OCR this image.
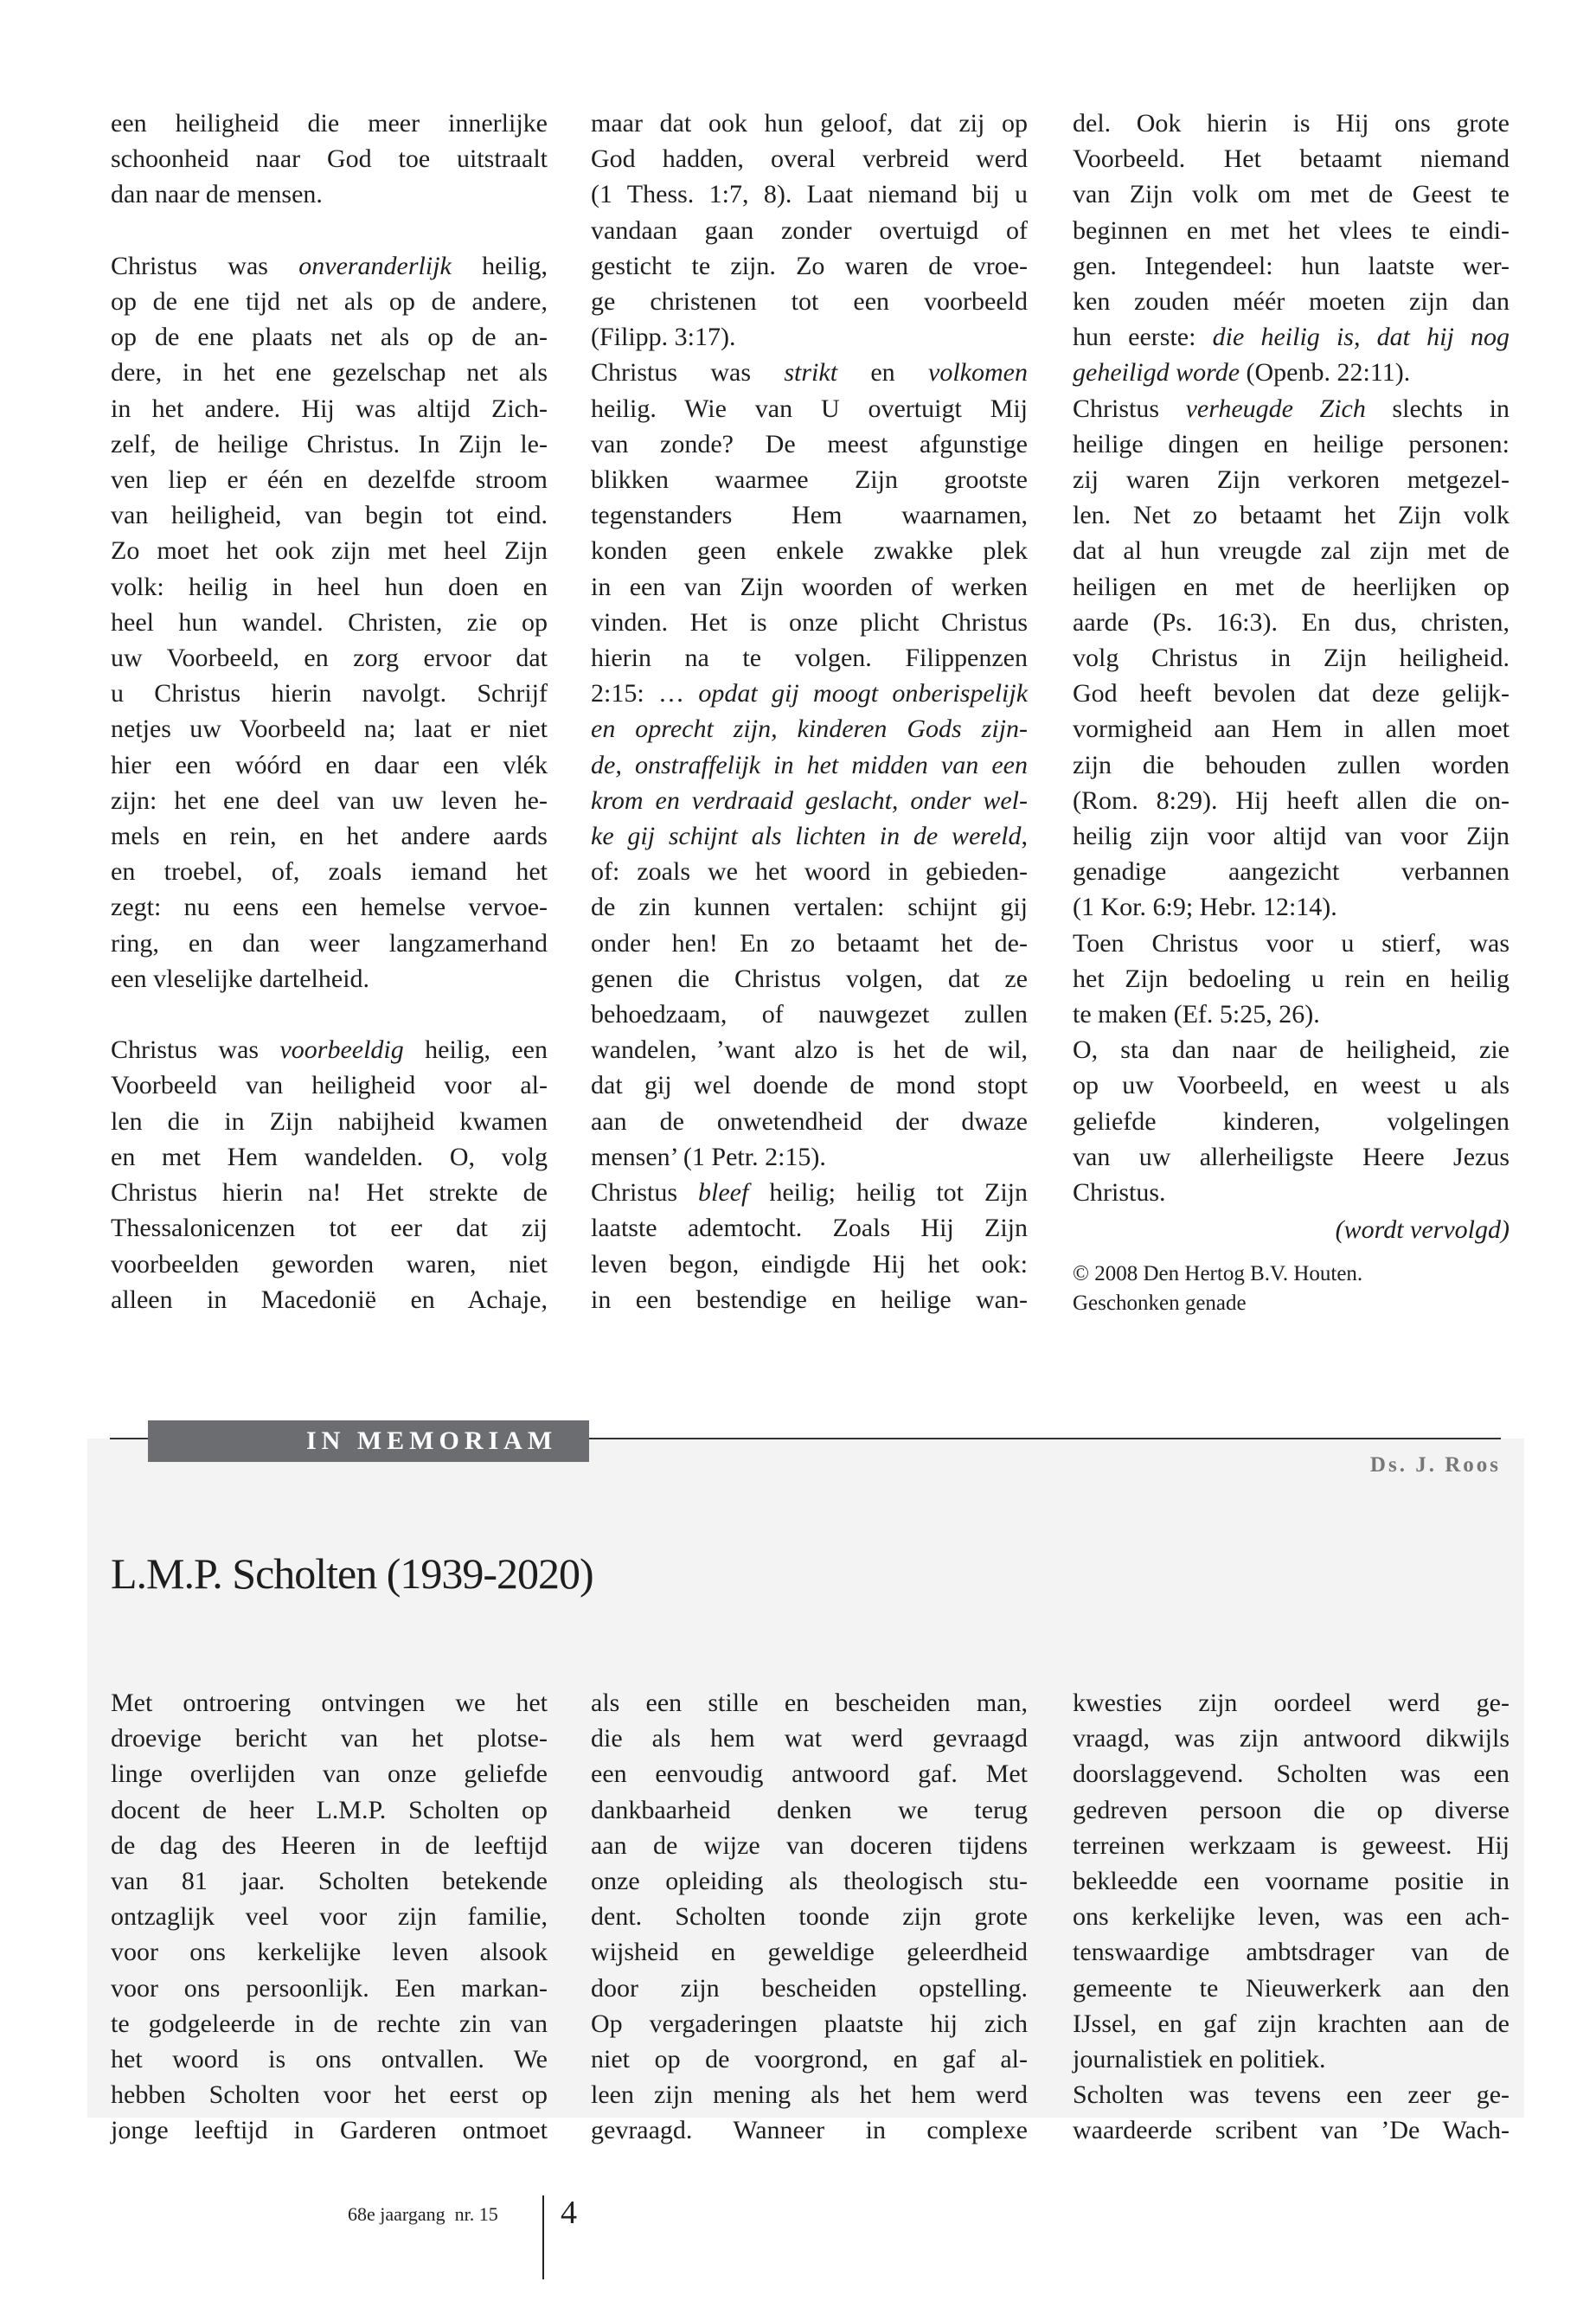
een heiligheid die meer innerlijke
schoonheid naar God toe uitstraalt
dan naar de mensen.

Christus was onveranderlijk heilig,
op de ene tijd net als op de andere,
op de ene plaats net als op de an-
dere, in het ene gezelschap net als
in het andere. Hij was altijd Zich-
zelf, de heilige Christus. In Zijn le-
ven liep er één en dezelfde stroom
van heiligheid, van begin tot eind.
Zo moet het ook zijn met heel Zijn
volk: heilig in heel hun doen en
heel hun wandel. Christen, zie op
uw Voorbeeld, en zorg ervoor dat
u Christus hierin navolgt. Schrijf
netjes uw Voorbeeld na; laat er niet
hier een wóórd en daar een vlék
zijn: het ene deel van uw leven he-
mels en rein, en het andere aards
en troebel, of, zoals iemand het
zegt: nu eens een hemelse vervoe-
ring, en dan weer langzamerhand
een vleselijke dartelheid.

Christus was voorbeeldig heilig, een
Voorbeeld van heiligheid voor al-
len die in Zijn nabijheid kwamen
en met Hem wandelden. O, volg
Christus hierin na! Het strekte de
Thessalonicenzen tot eer dat zij
voorbeelden geworden waren, niet
alleen in Macedonië en Achaje,
maar dat ook hun geloof, dat zij op
God hadden, overal verbreid werd
(1 Thess. 1:7, 8). Laat niemand bij u
vandaan gaan zonder overtuigd of
gesticht te zijn. Zo waren de vroe-
ge christenen tot een voorbeeld
(Filipp. 3:17).
Christus was strikt en volkomen
heilig. Wie van U overtuigt Mij
van zonde? De meest afgunstige
blikken waarmee Zijn grootste
tegenstanders Hem waarnamen,
konden geen enkele zwakke plek
in een van Zijn woorden of werken
vinden. Het is onze plicht Christus
hierin na te volgen. Filippenzen
2:15: … opdat gij moogt onberispelijk
en oprecht zijn, kinderen Gods zijn-
de, onstraffelijk in het midden van een
krom en verdraaid geslacht, onder wel-
ke gij schijnt als lichten in de wereld,
of: zoals we het woord in gebieden-
de zin kunnen vertalen: schijnt gij
onder hen! En zo betaamt het de-
genen die Christus volgen, dat ze
behoedzaam, of nauwgezet zullen
wandelen, ’want alzo is het de wil,
dat gij wel doende de mond stopt
aan de onwetendheid der dwaze
mensen’ (1 Petr. 2:15).
Christus bleef heilig; heilig tot Zijn
laatste ademtocht. Zoals Hij Zijn
leven begon, eindigde Hij het ook:
in een bestendige en heilige wan-
del. Ook hierin is Hij ons grote
Voorbeeld. Het betaamt niemand
van Zijn volk om met de Geest te
beginnen en met het vlees te eindi-
gen. Integendeel: hun laatste wer-
ken zouden méér moeten zijn dan
hun eerste: die heilig is, dat hij nog
geheiligd worde (Openb. 22:11).
Christus verheugde Zich slechts in
heilige dingen en heilige personen:
zij waren Zijn verkoren metgezel-
len. Net zo betaamt het Zijn volk
dat al hun vreugde zal zijn met de
heiligen en met de heerlijken op
aarde (Ps. 16:3). En dus, christen,
volg Christus in Zijn heiligheid.
God heeft bevolen dat deze gelijk-
vormigheid aan Hem in allen moet
zijn die behouden zullen worden
(Rom. 8:29). Hij heeft allen die on-
heilig zijn voor altijd van voor Zijn
genadige aangezicht verbannen
(1 Kor. 6:9; Hebr. 12:14).
Toen Christus voor u stierf, was
het Zijn bedoeling u rein en heilig
te maken (Ef. 5:25, 26).
O, sta dan naar de heiligheid, zie
op uw Voorbeeld, en weest u als
geliefde kinderen, volgelingen
van uw allerheiligste Heere Jezus
Christus.
(wordt vervolgd)
© 2008 Den Hertog B.V. Houten.
Geschonken genade
IN MEMORIAM
Ds. J. Roos
L.M.P. Scholten (1939-2020)
Met ontroering ontvingen we het
droevige bericht van het plotse-
linge overlijden van onze geliefde
docent de heer L.M.P. Scholten op
de dag des Heeren in de leeftijd
van 81 jaar. Scholten betekende
ontzaglijk veel voor zijn familie,
voor ons kerkelijke leven alsook
voor ons persoonlijk. Een markan-
te godgeleerde in de rechte zin van
het woord is ons ontvallen. We
hebben Scholten voor het eerst op
jonge leeftijd in Garderen ontmoet
als een stille en bescheiden man,
die als hem wat werd gevraagd
een eenvoudig antwoord gaf. Met
dankbaarheid denken we terug
aan de wijze van doceren tijdens
onze opleiding als theologisch stu-
dent. Scholten toonde zijn grote
wijsheid en geweldige geleerdheid
door zijn bescheiden opstelling.
Op vergaderingen plaatste hij zich
niet op de voorgrond, en gaf al-
leen zijn mening als het hem werd
gevraagd. Wanneer in complexe
kwesties zijn oordeel werd ge-
vraagd, was zijn antwoord dikwijls
doorslaggevend. Scholten was een
gedreven persoon die op diverse
terreinen werkzaam is geweest. Hij
bekleedde een voorname positie in
ons kerkelijke leven, was een ach-
tenswaardige ambtsdrager van de
gemeente te Nieuwerkerk aan den
IJssel, en gaf zijn krachten aan de
journalistiek en politiek.
Scholten was tevens een zeer ge-
waardeerde scribent van ’De Wach-
68e jaargang  nr. 15 4
